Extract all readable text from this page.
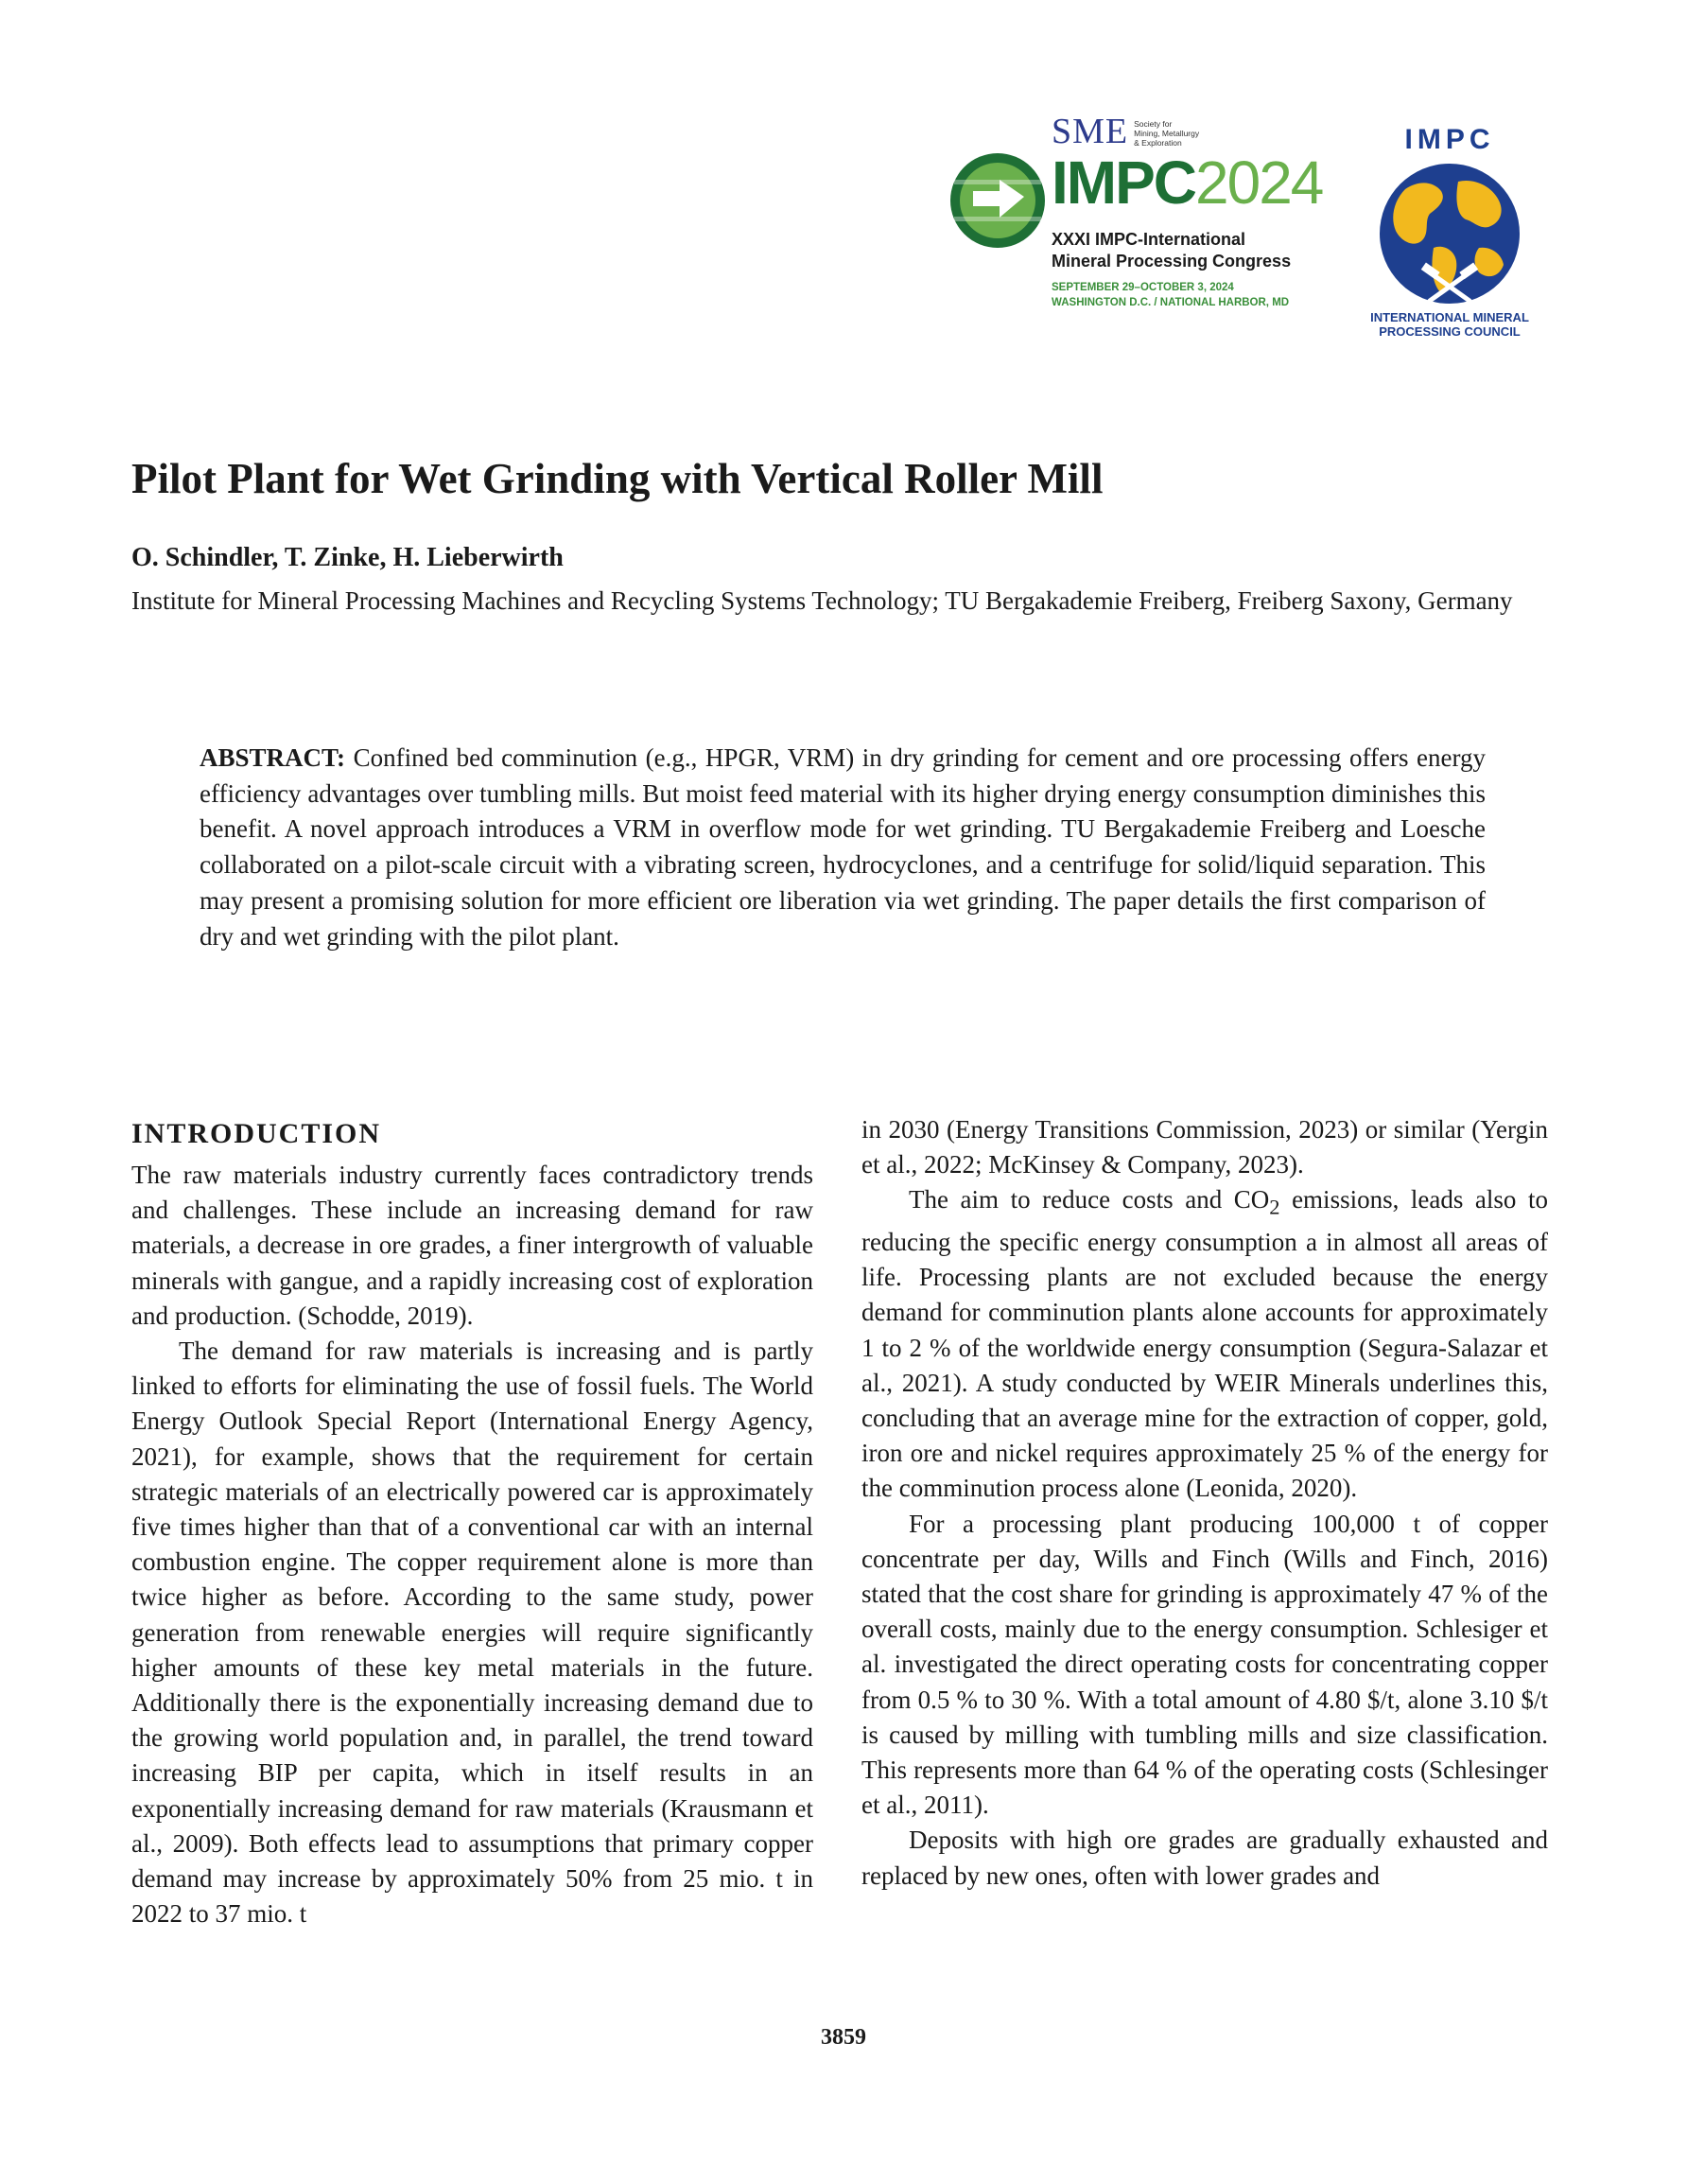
SME Society for
Mining, Metallurgy
& Exploration
IMPC2024
XXXI IMPC-International
Mineral Processing Congress
SEPTEMBER 29–OCTOBER 3, 2024
WASHINGTON D.C. / NATIONAL HARBOR, MD
IMPC
INTERNATIONAL MINERAL
PROCESSING COUNCIL
Pilot Plant for Wet Grinding with Vertical Roller Mill
O. Schindler, T. Zinke, H. Lieberwirth
Institute for Mineral Processing Machines and Recycling Systems Technology; TU Bergakademie Freiberg, Freiberg Saxony, Germany

ABSTRACT: Confined bed comminution (e.g., HPGR, VRM) in dry grinding for cement and ore processing offers energy efficiency advantages over tumbling mills. But moist feed material with its higher drying energy consumption diminishes this benefit. A novel approach introduces a VRM in overflow mode for wet grinding. TU Bergakademie Freiberg and Loesche collaborated on a pilot-scale circuit with a vibrating screen, hydrocyclones, and a centrifuge for solid/liquid separation. This may present a promising solution for more efficient ore liberation via wet grinding. The paper details the first comparison of dry and wet grinding with the pilot plant.

INTRODUCTION

The raw materials industry currently faces contradictory trends and challenges. These include an increasing demand for raw materials, a decrease in ore grades, a finer intergrowth of valuable minerals with gangue, and a rapidly increasing cost of exploration and production. (Schodde, 2019).

The demand for raw materials is increasing and is partly linked to efforts for eliminating the use of fossil fuels. The World Energy Outlook Special Report (International Energy Agency, 2021), for example, shows that the requirement for certain strategic materials of an electrically powered car is approximately five times higher than that of a conventional car with an internal combustion engine. The copper requirement alone is more than twice higher as before. According to the same study, power generation from renewable energies will require significantly higher amounts of these key metal materials in the future. Additionally there is the exponentially increasing demand due to the growing world population and, in parallel, the trend toward increasing BIP per capita, which in itself results in an exponentially increasing demand for raw materials (Krausmann et al., 2009). Both effects lead to assumptions that primary copper demand may increase by approximately 50% from 25 mio. t in 2022 to 37 mio. t

in 2030 (Energy Transitions Commission, 2023) or similar (Yergin et al., 2022; McKinsey & Company, 2023).

The aim to reduce costs and $CO_2$ emissions, leads also to reducing the specific energy consumption a in almost all areas of life. Processing plants are not excluded because the energy demand for comminution plants alone accounts for approximately 1 to 2 % of the worldwide energy consumption (Segura-Salazar et al., 2021). A study conducted by WEIR Minerals underlines this, concluding that an average mine for the extraction of copper, gold, iron ore and nickel requires approximately 25 % of the energy for the comminution process alone (Leonida, 2020).

For a processing plant producing 100,000 t of copper concentrate per day, Wills and Finch (Wills and Finch, 2016) stated that the cost share for grinding is approximately 47 % of the overall costs, mainly due to the energy consumption. Schlesiger et al. investigated the direct operating costs for concentrating copper from 0.5 % to 30 %. With a total amount of 4.80 $/t, alone 3.10 $/t is caused by milling with tumbling mills and size classification. This represents more than 64 % of the operating costs (Schlesinger et al., 2011).

Deposits with high ore grades are gradually exhausted and replaced by new ones, often with lower grades and

3859
